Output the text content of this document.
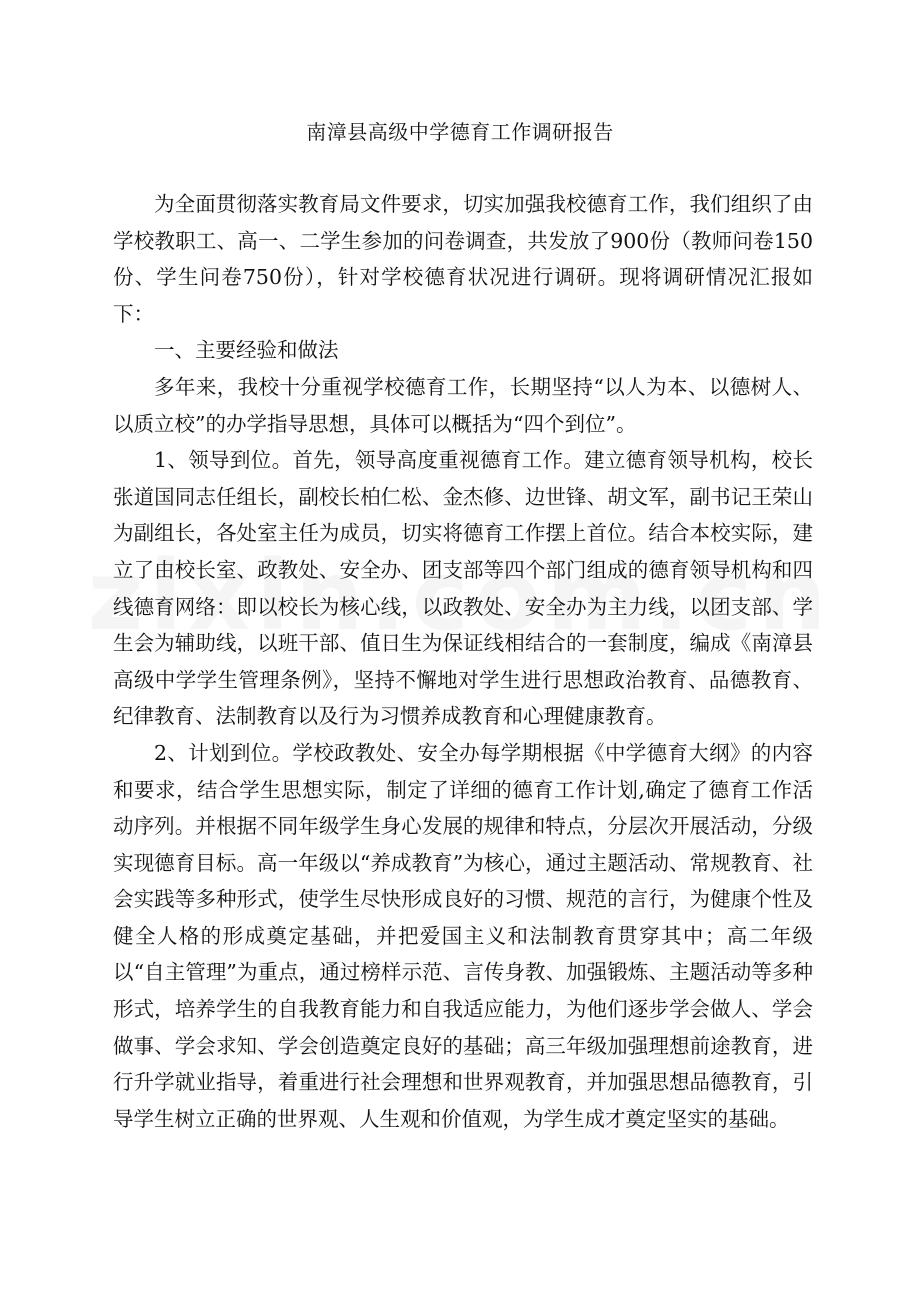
南漳县高级中学德育工作调研报告

为全面贯彻落实教育局文件要求，切实加强我校德育工作，我们组织了由学校教职工、高一、二学生参加的问卷调查，共发放了900份（教师问卷150份、学生问卷750份），针对学校德育状况进行调研。现将调研情况汇报如下：

一、主要经验和做法

多年来，我校十分重视学校德育工作，长期坚持“以人为本、以德树人、以质立校”的办学指导思想，具体可以概括为“四个到位”。

1、领导到位。首先，领导高度重视德育工作。建立德育领导机构，校长张道国同志任组长，副校长柏仁松、金杰修、边世锋、胡文军，副书记王荣山为副组长，各处室主任为成员，切实将德育工作摆上首位。结合本校实际，建立了由校长室、政教处、安全办、团支部等四个部门组成的德育领导机构和四线德育网络：即以校长为核心线，以政教处、安全办为主力线，以团支部、学生会为辅助线，以班干部、值日生为保证线相结合的一套制度，编成《南漳县高级中学学生管理条例》，坚持不懈地对学生进行思想政治教育、品德教育、纪律教育、法制教育以及行为习惯养成教育和心理健康教育。

2、计划到位。学校政教处、安全办每学期根据《中学德育大纲》的内容和要求，结合学生思想实际，制定了详细的德育工作计划,确定了德育工作活动序列。并根据不同年级学生身心发展的规律和特点，分层次开展活动，分级实现德育目标。高一年级以“养成教育”为核心，通过主题活动、常规教育、社会实践等多种形式，使学生尽快形成良好的习惯、规范的言行，为健康个性及健全人格的形成奠定基础，并把爱国主义和法制教育贯穿其中；高二年级以“自主管理”为重点，通过榜样示范、言传身教、加强锻炼、主题活动等多种形式，培养学生的自我教育能力和自我适应能力，为他们逐步学会做人、学会做事、学会求知、学会创造奠定良好的基础；高三年级加强理想前途教育，进行升学就业指导，着重进行社会理想和世界观教育，并加强思想品德教育，引导学生树立正确的世界观、人生观和价值观，为学生成才奠定坚实的基础。
